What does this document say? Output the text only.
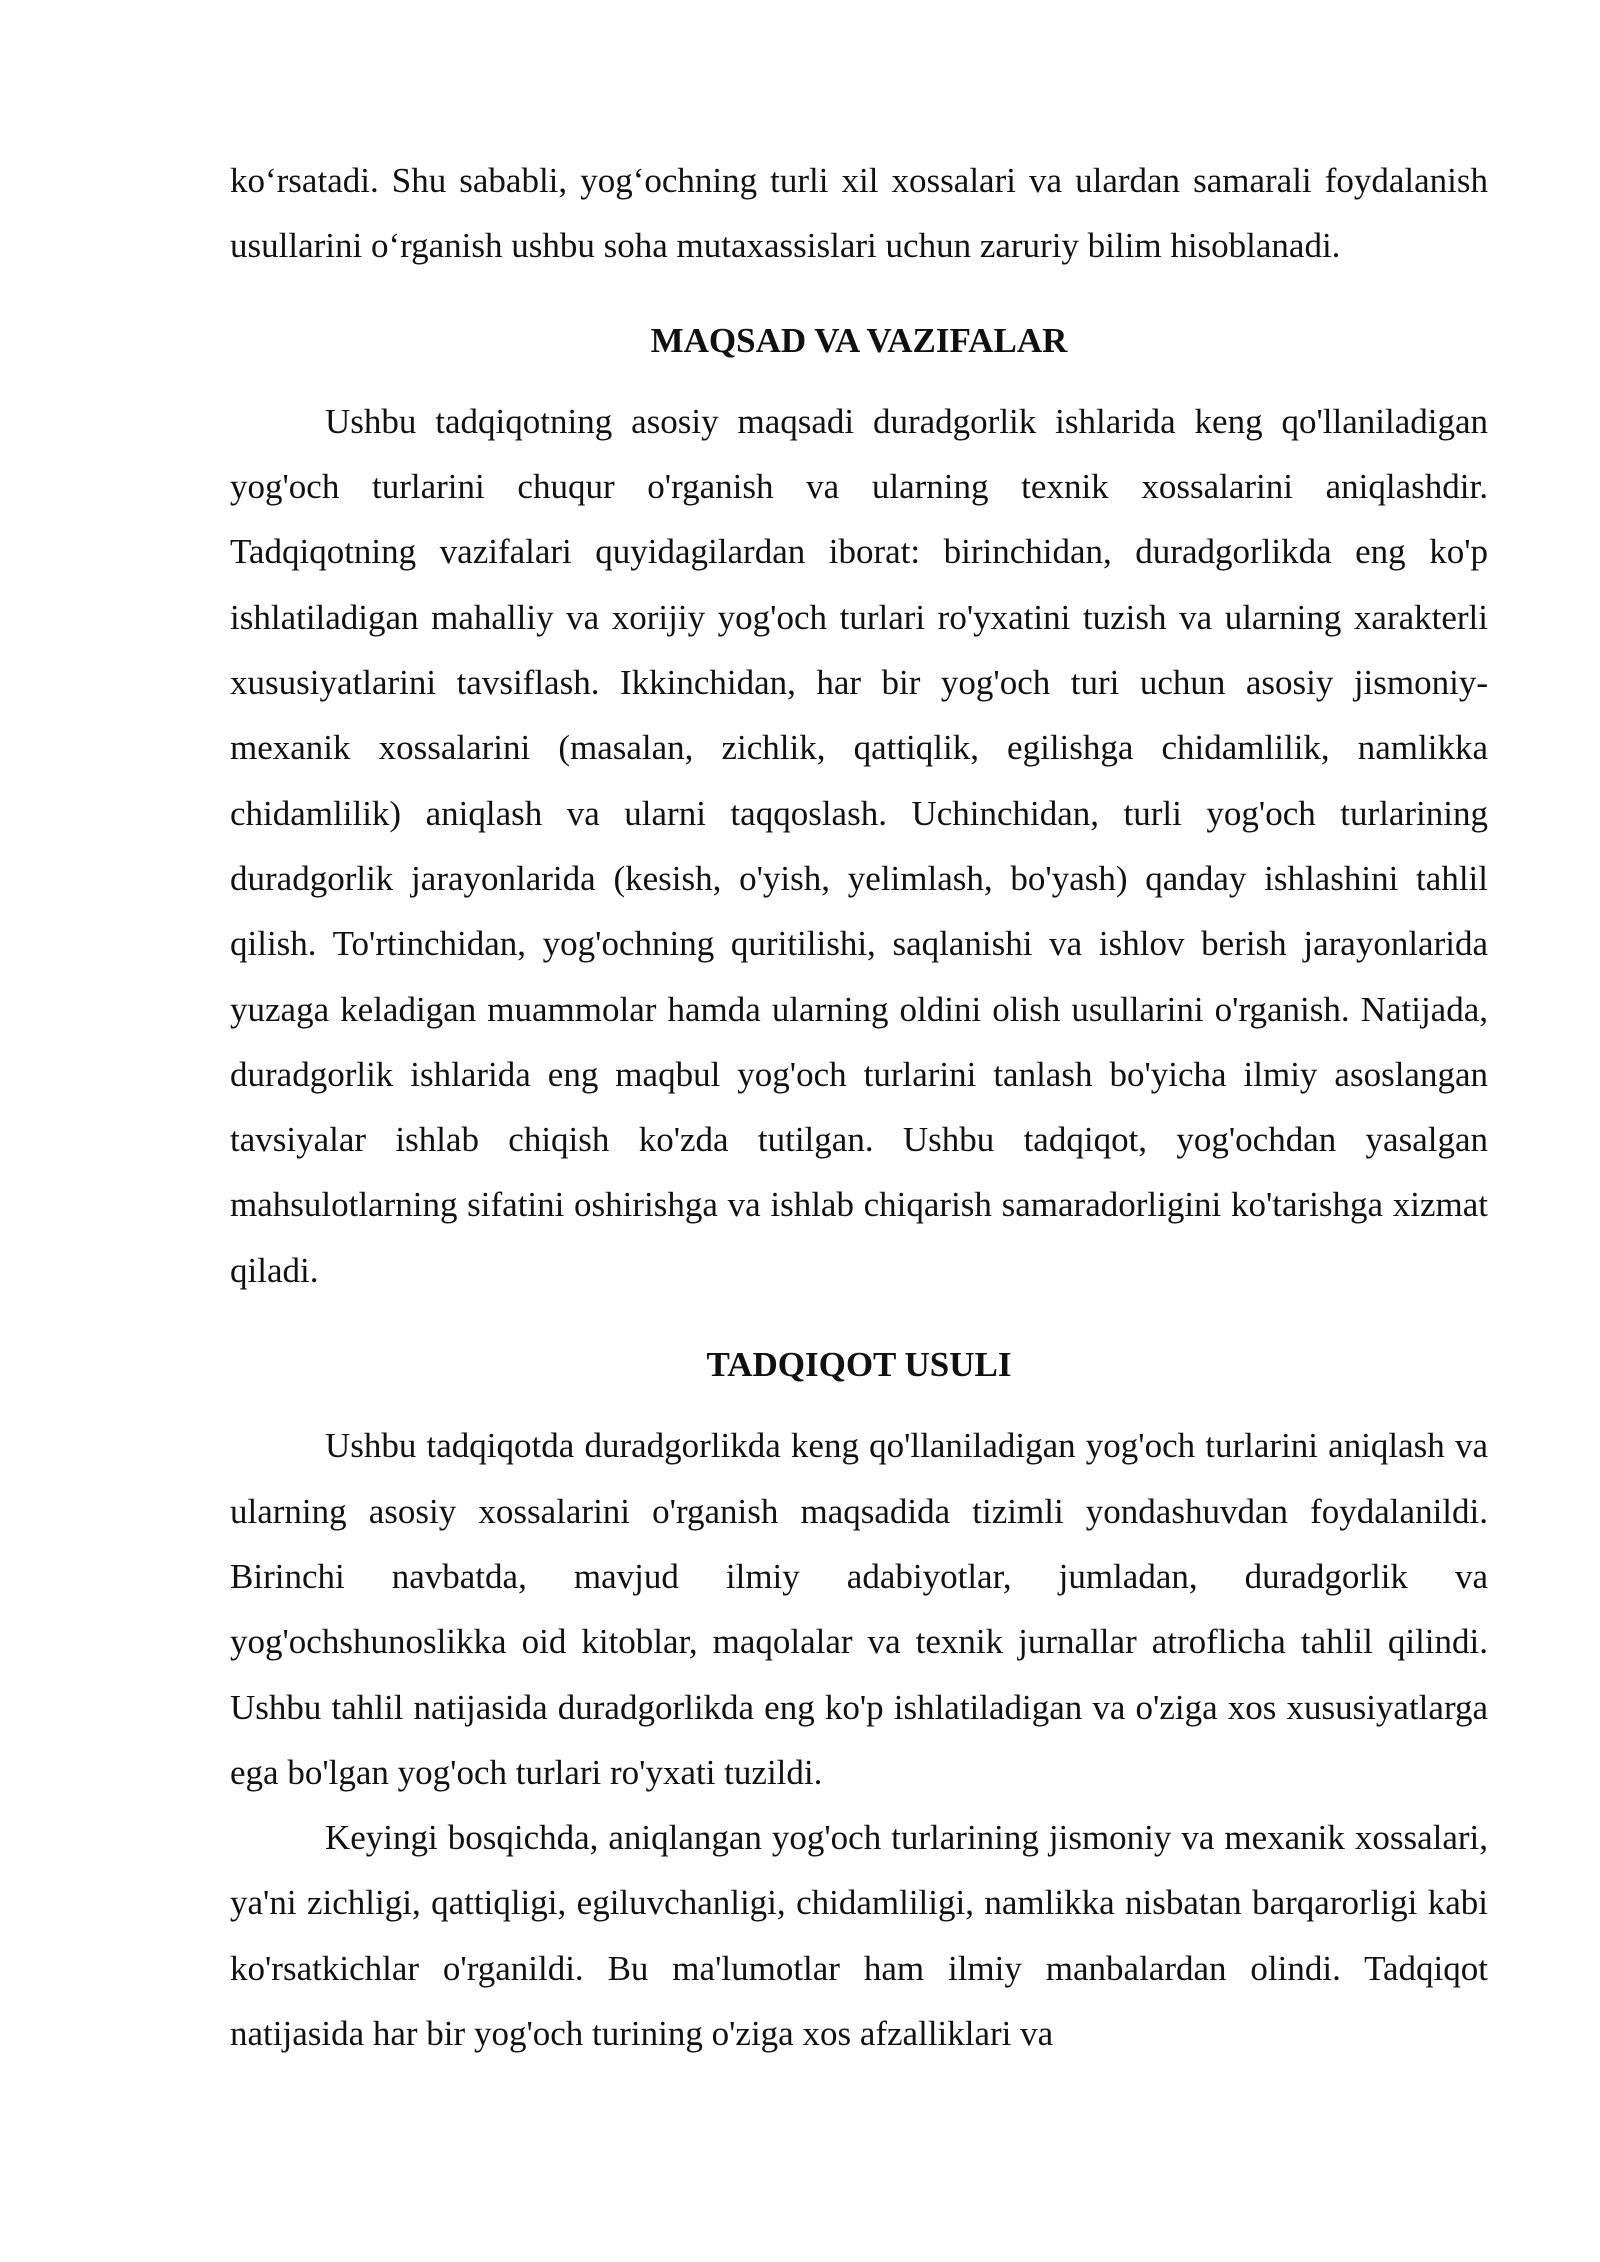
ko‘rsatadi. Shu sababli, yog‘ochning turli xil xossalari va ulardan samarali foydalanish usullarini o‘rganish ushbu soha mutaxassislari uchun zaruriy bilim hisoblanadi.

MAQSAD VA VAZIFALAR

Ushbu tadqiqotning asosiy maqsadi duradgorlik ishlarida keng qo'llaniladigan yog'och turlarini chuqur o'rganish va ularning texnik xossalarini aniqlashdir. Tadqiqotning vazifalari quyidagilardan iborat: birinchidan, duradgorlikda eng ko'p ishlatiladigan mahalliy va xorijiy yog'och turlari ro'yxatini tuzish va ularning xarakterli xususiyatlarini tavsiflash. Ikkinchidan, har bir yog'och turi uchun asosiy jismoniy-mexanik xossalarini (masalan, zichlik, qattiqlik, egilishga chidamlilik, namlikka chidamlilik) aniqlash va ularni taqqoslash. Uchinchidan, turli yog'och turlarining duradgorlik jarayonlarida (kesish, o'yish, yelimlash, bo'yash) qanday ishlashini tahlil qilish. To'rtinchidan, yog'ochning quritilishi, saqlanishi va ishlov berish jarayonlarida yuzaga keladigan muammolar hamda ularning oldini olish usullarini o'rganish. Natijada, duradgorlik ishlarida eng maqbul yog'och turlarini tanlash bo'yicha ilmiy asoslangan tavsiyalar ishlab chiqish ko'zda tutilgan. Ushbu tadqiqot, yog'ochdan yasalgan mahsulotlarning sifatini oshirishga va ishlab chiqarish samaradorligini ko'tarishga xizmat qiladi.

TADQIQOT USULI

Ushbu tadqiqotda duradgorlikda keng qo'llaniladigan yog'och turlarini aniqlash va ularning asosiy xossalarini o'rganish maqsadida tizimli yondashuvdan foydalanildi. Birinchi navbatda, mavjud ilmiy adabiyotlar, jumladan, duradgorlik va yog'ochshunoslikka oid kitoblar, maqolalar va texnik jurnallar atroflicha tahlil qilindi. Ushbu tahlil natijasida duradgorlikda eng ko'p ishlatiladigan va o'ziga xos xususiyatlarga ega bo'lgan yog'och turlari ro'yxati tuzildi.

Keyingi bosqichda, aniqlangan yog'och turlarining jismoniy va mexanik xossalari, ya'ni zichligi, qattiqligi, egiluvchanligi, chidamliligi, namlikka nisbatan barqarorligi kabi ko'rsatkichlar o'rganildi. Bu ma'lumotlar ham ilmiy manbalardan olindi. Tadqiqot natijasida har bir yog'och turining o'ziga xos afzalliklari va
